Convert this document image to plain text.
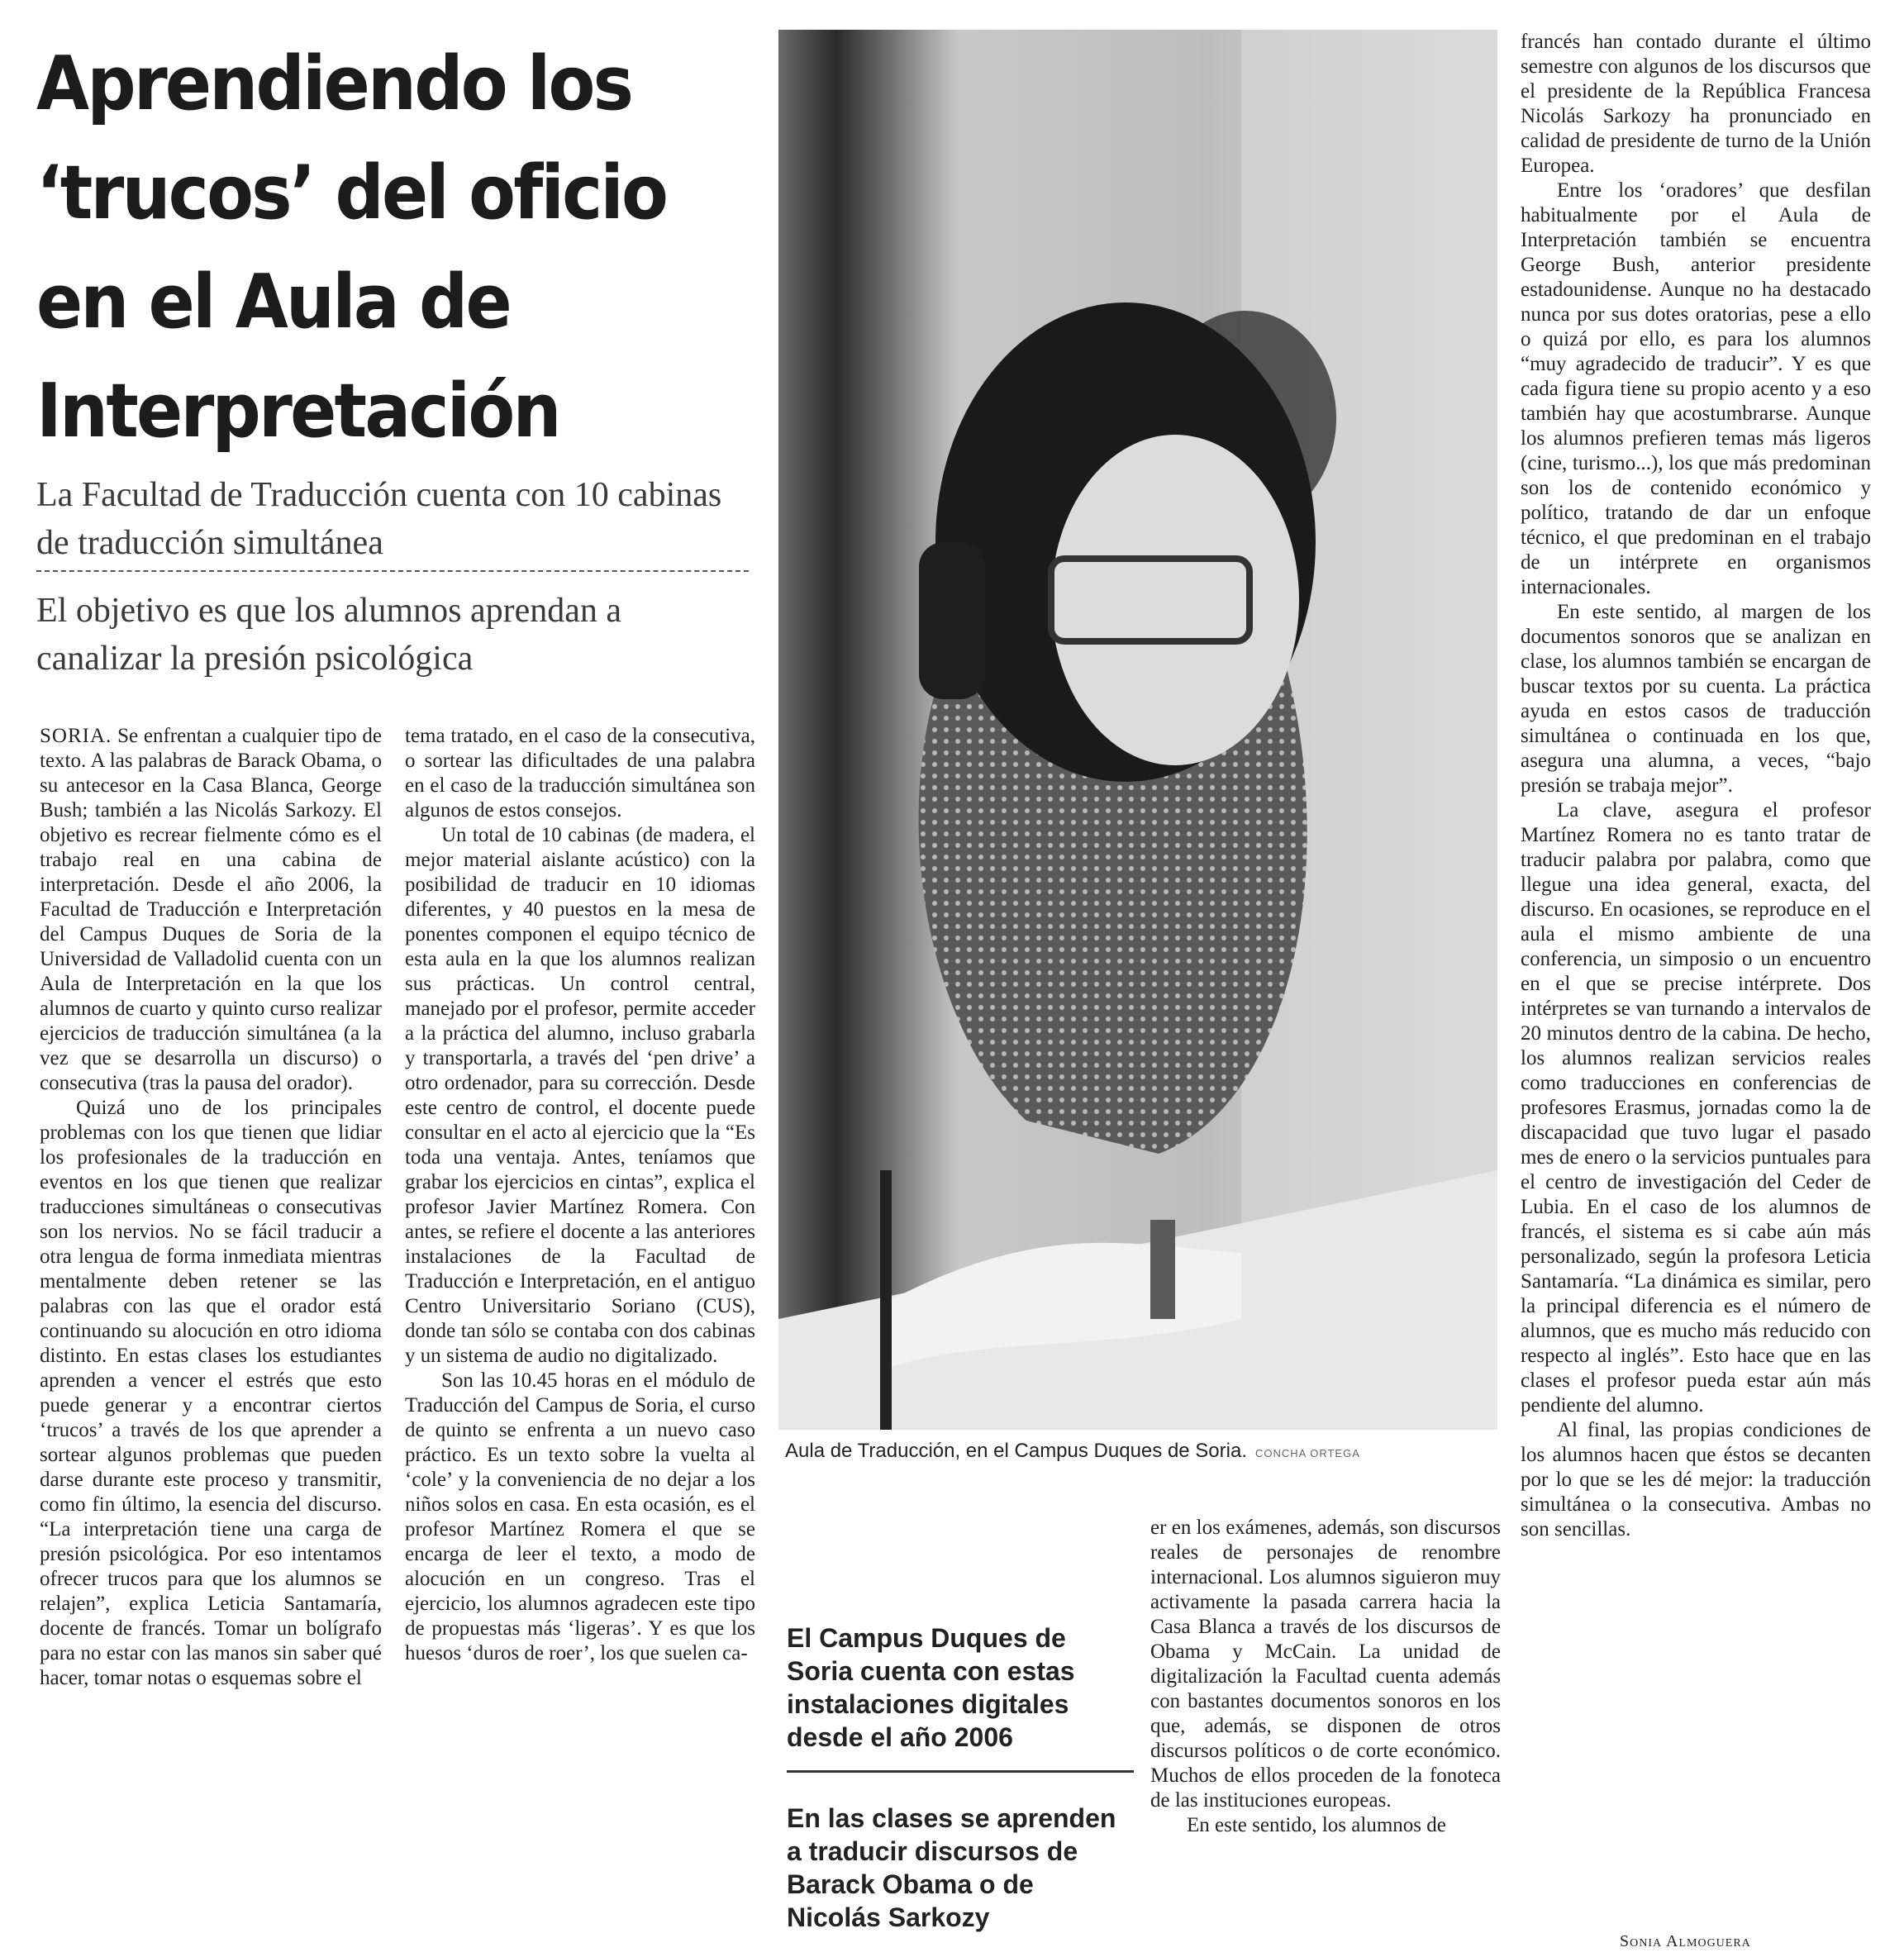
Aprendiendo los
‘trucos’ del oficio
en el Aula de
Interpretación
La Facultad de Traducción cuenta con 10 cabinas de traducción simultánea
El objetivo es que los alumnos aprendan a canalizar la presión psicológica

SORIA. Se enfrentan a cualquier tipo de texto. A las palabras de Barack Obama, o su antecesor en la Casa Blanca, George Bush; también a las Nicolás Sarkozy. El objetivo es recrear fielmente cómo es el trabajo real en una cabina de interpretación. Desde el año 2006, la Facultad de Traducción e Interpretación del Campus Duques de Soria de la Universidad de Valladolid cuenta con un Aula de Interpretación en la que los alumnos de cuarto y quinto curso realizar ejercicios de traducción simultánea (a la vez que se desarrolla un discurso) o consecutiva (tras la pausa del orador).

Quizá uno de los principales problemas con los que tienen que lidiar los profesionales de la traducción en eventos en los que tienen que realizar traducciones simultáneas o consecutivas son los nervios. No se fácil traducir a otra lengua de forma inmediata mientras mentalmente deben retener se las palabras con las que el orador está continuando su alocución en otro idioma distinto. En estas clases los estudiantes aprenden a vencer el estrés que esto puede generar y a encontrar ciertos ‘trucos’ a través de los que aprender a sortear algunos problemas que pueden darse durante este proceso y transmitir, como fin último, la esencia del discurso. “La interpretación tiene una carga de presión psicológica. Por eso intentamos ofrecer trucos para que los alumnos se relajen”, explica Leticia Santamaría, docente de francés. Tomar un bolígrafo para no estar con las manos sin saber qué hacer, tomar notas o esquemas sobre el

tema tratado, en el caso de la consecutiva, o sortear las dificultades de una palabra en el caso de la traducción simultánea son algunos de estos consejos.

Un total de 10 cabinas (de madera, el mejor material aislante acústico) con la posibilidad de traducir en 10 idiomas diferentes, y 40 puestos en la mesa de ponentes componen el equipo técnico de esta aula en la que los alumnos realizan sus prácticas. Un control central, manejado por el profesor, permite acceder a la práctica del alumno, incluso grabarla y transportarla, a través del ‘pen drive’ a otro ordenador, para su corrección. Desde este centro de control, el docente puede consultar en el acto al ejercicio que la “Es toda una ventaja. Antes, teníamos que grabar los ejercicios en cintas”, explica el profesor Javier Martínez Romera. Con antes, se refiere el docente a las anteriores instalaciones de la Facultad de Traducción e Interpretación, en el antiguo Centro Universitario Soriano (CUS), donde tan sólo se contaba con dos cabinas y un sistema de audio no digitalizado.

Son las 10.45 horas en el módulo de Traducción del Campus de Soria, el curso de quinto se enfrenta a un nuevo caso práctico. Es un texto sobre la vuelta al ‘cole’ y la conveniencia de no dejar a los niños solos en casa. En esta ocasión, es el profesor Martínez Romera el que se encarga de leer el texto, a modo de alocución en un congreso. Tras el ejercicio, los alumnos agradecen este tipo de propuestas más ‘ligeras’. Y es que los huesos ‘duros de roer’, los que suelen ca-

Aula de Traducción, en el Campus Duques de Soria. CONCHA ORTEGA
El Campus Duques de Soria cuenta con estas instalaciones digitales desde el año 2006
En las clases se aprenden a traducir discursos de Barack Obama o de Nicolás Sarkozy

er en los exámenes, además, son discursos reales de personajes de renombre internacional. Los alumnos siguieron muy activamente la pasada carrera hacia la Casa Blanca a través de los discursos de Obama y McCain. La unidad de digitalización la Facultad cuenta además con bastantes documentos sonoros en los que, además, se disponen de otros discursos políticos o de corte económico. Muchos de ellos proceden de la fonoteca de las instituciones europeas.

En este sentido, los alumnos de

francés han contado durante el último semestre con algunos de los discursos que el presidente de la República Francesa Nicolás Sarkozy ha pronunciado en calidad de presidente de turno de la Unión Europea.

Entre los ‘oradores’ que desfilan habitualmente por el Aula de Interpretación también se encuentra George Bush, anterior presidente estadounidense. Aunque no ha destacado nunca por sus dotes oratorias, pese a ello o quizá por ello, es para los alumnos “muy agradecido de traducir”. Y es que cada figura tiene su propio acento y a eso también hay que acostumbrarse. Aunque los alumnos prefieren temas más ligeros (cine, turismo...), los que más predominan son los de contenido económico y político, tratando de dar un enfoque técnico, el que predominan en el trabajo de un intérprete en organismos internacionales.

En este sentido, al margen de los documentos sonoros que se analizan en clase, los alumnos también se encargan de buscar textos por su cuenta. La práctica ayuda en estos casos de traducción simultánea o continuada en los que, asegura una alumna, a veces, “bajo presión se trabaja mejor”.

La clave, asegura el profesor Martínez Romera no es tanto tratar de traducir palabra por palabra, como que llegue una idea general, exacta, del discurso. En ocasiones, se reproduce en el aula el mismo ambiente de una conferencia, un simposio o un encuentro en el que se precise intérprete. Dos intérpretes se van turnando a intervalos de 20 minutos dentro de la cabina. De hecho, los alumnos realizan servicios reales como traducciones en conferencias de profesores Erasmus, jornadas como la de discapacidad que tuvo lugar el pasado mes de enero o la servicios puntuales para el centro de investigación del Ceder de Lubia. En el caso de los alumnos de francés, el sistema es si cabe aún más personalizado, según la profesora Leticia Santamaría. “La dinámica es similar, pero la principal diferencia es el número de alumnos, que es mucho más reducido con respecto al inglés”. Esto hace que en las clases el profesor pueda estar aún más pendiente del alumno.

Al final, las propias condiciones de los alumnos hacen que éstos se decanten por lo que se les dé mejor: la traducción simultánea o la consecutiva. Ambas no son sencillas.

Sonia Almoguera
